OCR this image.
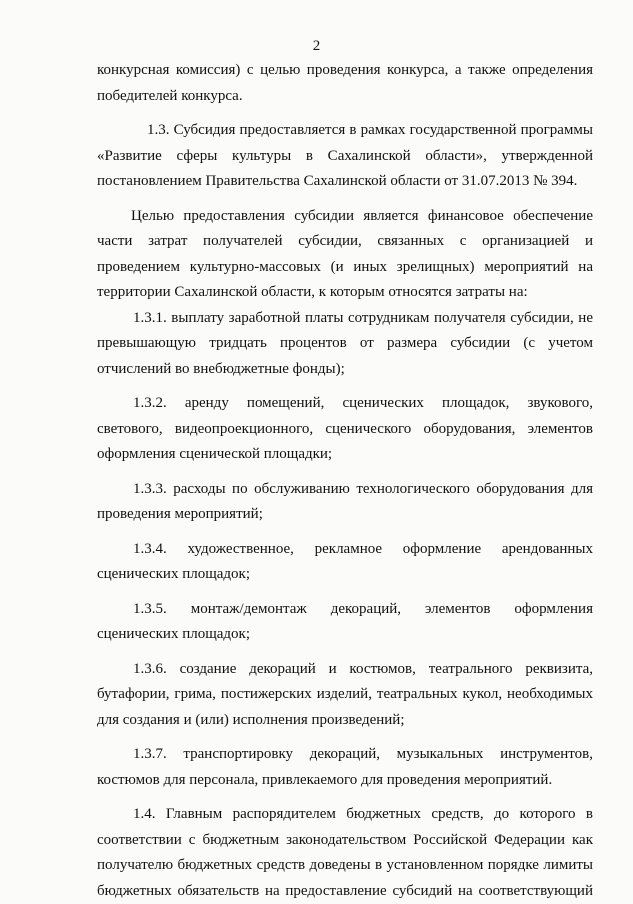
2
конкурсная комиссия) с целью проведения конкурса, а также определения
победителей конкурса.
1.3. Субсидия предоставляется в рамках государственной программы
«Развитие сферы культуры в Сахалинской области», утвержденной
постановлением Правительства Сахалинской области от 31.07.2013 № 394.
Целью предоставления субсидии является финансовое обеспечение
части затрат получателей субсидии, связанных с организацией и
проведением культурно-массовых (и иных зрелищных) мероприятий на
территории Сахалинской области, к которым относятся затраты на:
1.3.1. выплату заработной платы сотрудникам получателя субсидии, не
превышающую тридцать процентов от размера субсидии (с учетом
отчислений во внебюджетные фонды);
1.3.2. аренду помещений, сценических площадок, звукового,
светового, видеопроекционного, сценического оборудования, элементов
оформления сценической площадки;
1.3.3. расходы по обслуживанию технологического оборудования для
проведения мероприятий;
1.3.4. художественное, рекламное оформление арендованных
сценических площадок;
1.3.5. монтаж/демонтаж декораций, элементов оформления
сценических площадок;
1.3.6. создание декораций и костюмов, театрального реквизита,
бутафории, грима, постижерских изделий, театральных кукол, необходимых
для создания и (или) исполнения произведений;
1.3.7. транспортировку декораций, музыкальных инструментов,
костюмов для персонала, привлекаемого для проведения мероприятий.
1.4. Главным распорядителем бюджетных средств, до которого в
соответствии с бюджетным законодательством Российской Федерации как
получателю бюджетных средств доведены в установленном порядке лимиты
бюджетных обязательств на предоставление субсидий на соответствующий
